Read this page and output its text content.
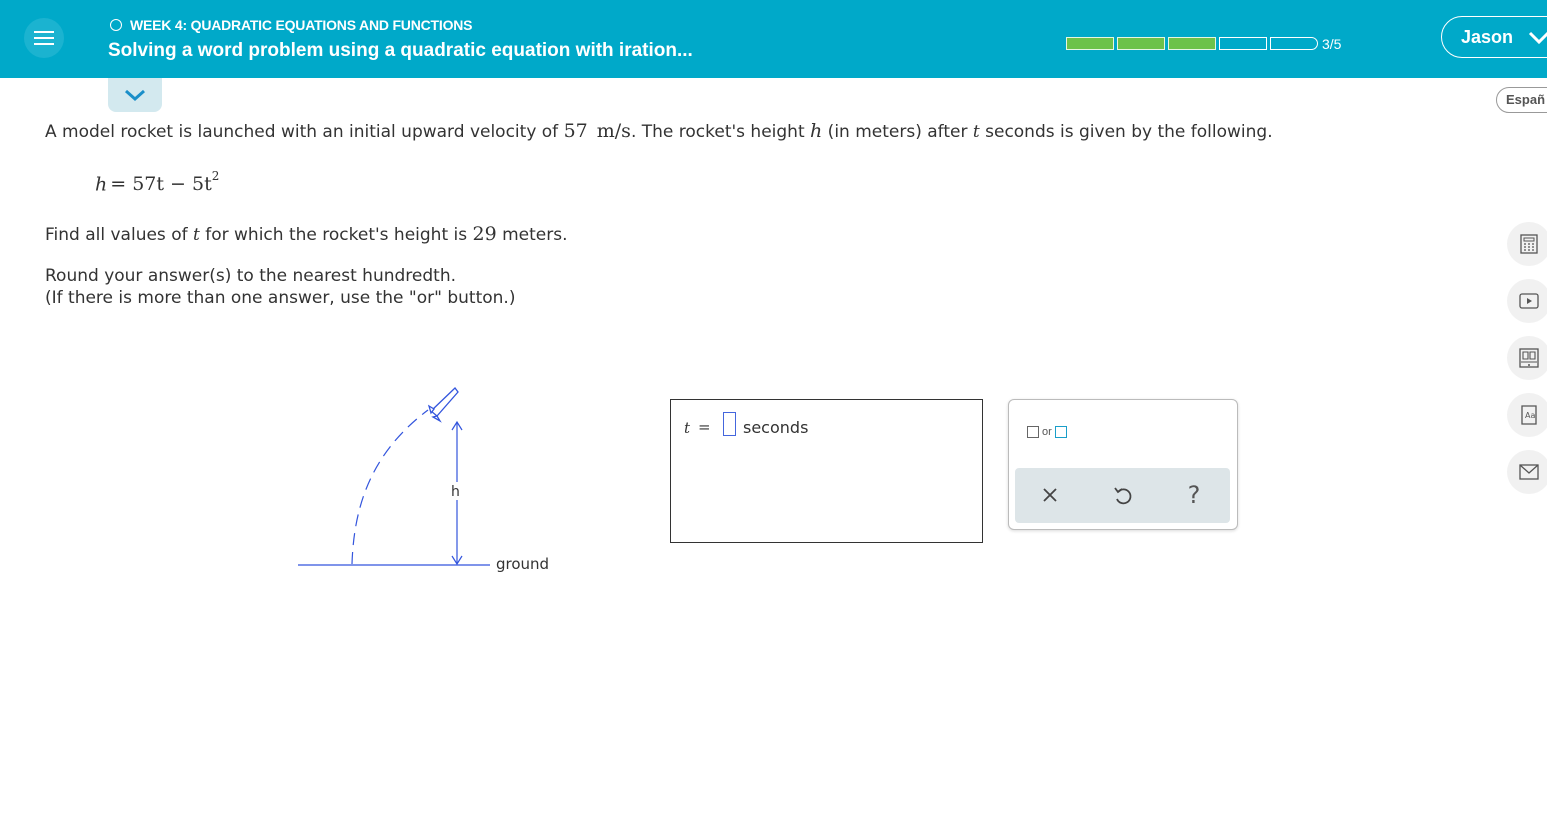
WEEK 4: QUADRATIC EQUATIONS AND FUNCTIONS
Solving a word problem using a quadratic equation with iration...	3/5	Jason
Españ
A model rocket is launched with an initial upward velocity of 57 m/s. The rocket's height h (in meters) after t seconds is given by the following.
$h = 57t - 5t^2$
Find all values of t for which the rocket's height is 29 meters.
Round your answer(s) to the nearest hundredth.
(If there is more than one answer, use the "or" button.)
h
ground
t = seconds	or
?
Aa
